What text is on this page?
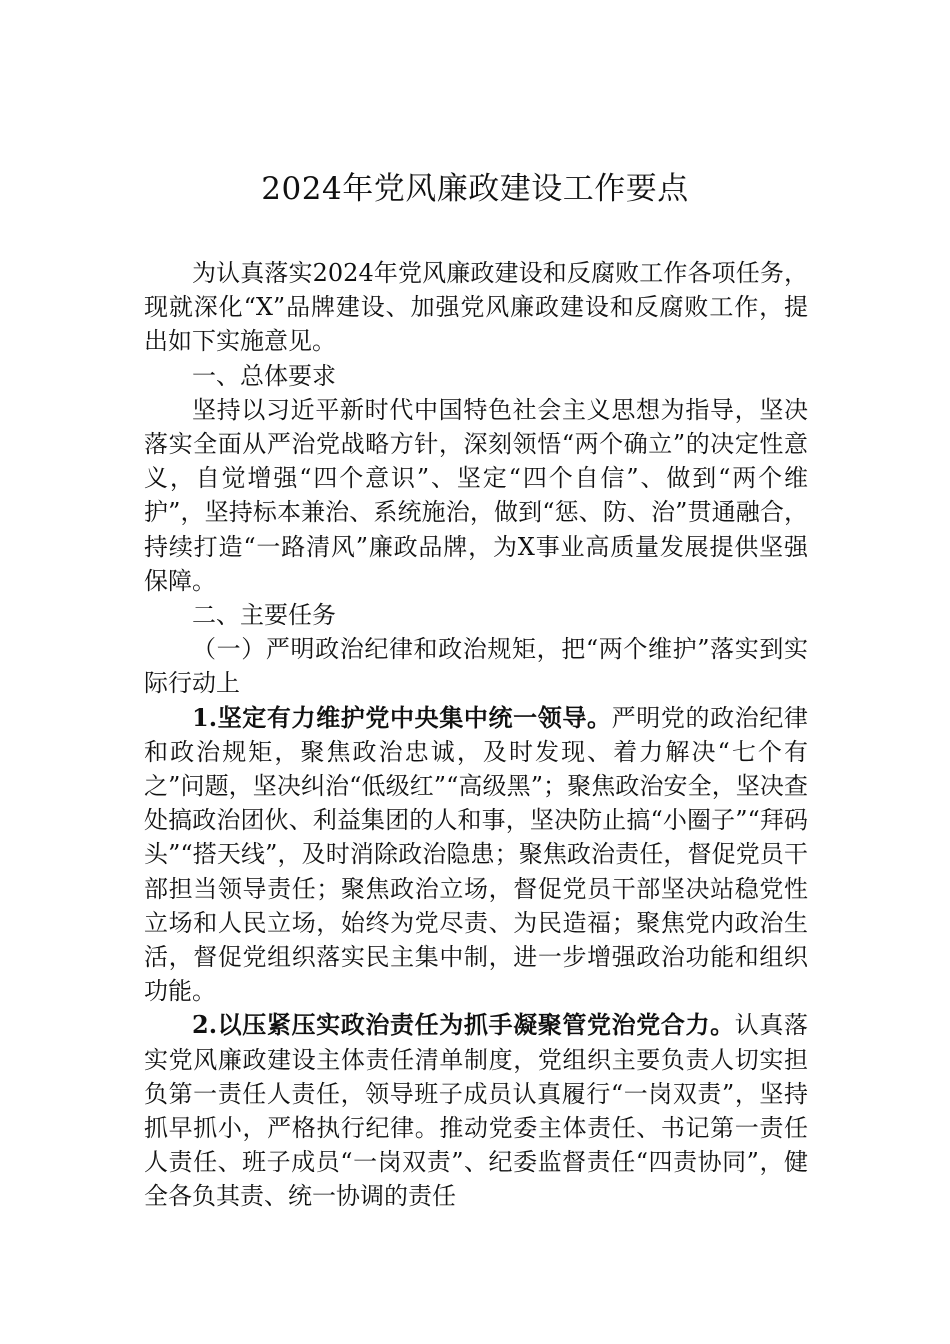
2024年党风廉政建设工作要点

为认真落实2024年党风廉政建设和反腐败工作各项任务，现就深化“X”品牌建设、加强党风廉政建设和反腐败工作，提出如下实施意见。

一、总体要求

坚持以习近平新时代中国特色社会主义思想为指导，坚决落实全面从严治党战略方针，深刻领悟“两个确立”的决定性意义，自觉增强“四个意识”、坚定“四个自信”、做到“两个维护”，坚持标本兼治、系统施治，做到“惩、防、治”贯通融合，持续打造“一路清风”廉政品牌，为X事业高质量发展提供坚强保障。

二、主要任务

（一）严明政治纪律和政治规矩，把“两个维护”落实到实际行动上

1.坚定有力维护党中央集中统一领导。严明党的政治纪律和政治规矩，聚焦政治忠诚，及时发现、着力解决“七个有之”问题，坚决纠治“低级红”“高级黑”；聚焦政治安全，坚决查处搞政治团伙、利益集团的人和事，坚决防止搞“小圈子”“拜码头”“搭天线”，及时消除政治隐患；聚焦政治责任，督促党员干部担当领导责任；聚焦政治立场，督促党员干部坚决站稳党性立场和人民立场，始终为党尽责、为民造福；聚焦党内政治生活，督促党组织落实民主集中制，进一步增强政治功能和组织功能。

2.以压紧压实政治责任为抓手凝聚管党治党合力。认真落实党风廉政建设主体责任清单制度，党组织主要负责人切实担负第一责任人责任，领导班子成员认真履行“一岗双责”，坚持抓早抓小，严格执行纪律。推动党委主体责任、书记第一责任人责任、班子成员“一岗双责”、纪委监督责任“四责协同”，健全各负其责、统一协调的责任
